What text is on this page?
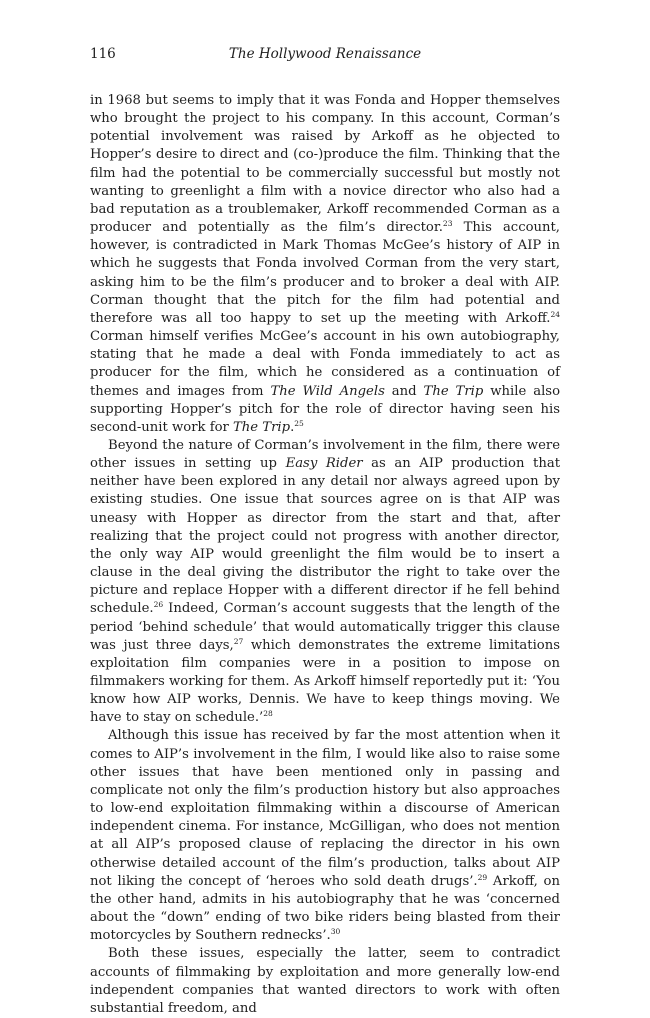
116	The Hollywood Renaissance

in 1968 but seems to imply that it was Fonda and Hopper themselves who brought the project to his company. In this account, Corman’s potential involvement was raised by Arkoff as he objected to Hopper’s desire to direct and (co-)produce the film. Thinking that the film had the potential to be commercially successful but mostly not wanting to greenlight a film with a novice director who also had a bad reputation as a troublemaker, Arkoff recommended Corman as a producer and potentially as the film’s director.$^{23}$ This account, however, is contradicted in Mark Thomas McGee’s history of AIP in which he suggests that Fonda involved Corman from the very start, asking him to be the film’s producer and to broker a deal with AIP. Corman thought that the pitch for the film had potential and therefore was all too happy to set up the meeting with Arkoff.$^{24}$ Corman himself verifies McGee’s account in his own autobiography, stating that he made a deal with Fonda immediately to act as producer for the film, which he considered as a continuation of themes and images from The Wild Angels and The Trip while also supporting Hopper’s pitch for the role of director having seen his second-unit work for The Trip.$^{25}$

Beyond the nature of Corman’s involvement in the film, there were other issues in setting up Easy Rider as an AIP production that neither have been explored in any detail nor always agreed upon by existing studies. One issue that sources agree on is that AIP was uneasy with Hopper as director from the start and that, after realizing that the project could not progress with another director, the only way AIP would greenlight the film would be to insert a clause in the deal giving the distributor the right to take over the picture and replace Hopper with a different director if he fell behind schedule.$^{26}$ Indeed, Corman’s account suggests that the length of the period ‘behind schedule’ that would automatically trigger this clause was just three days,$^{27}$ which demonstrates the extreme limitations exploitation film companies were in a position to impose on filmmakers working for them. As Arkoff himself reportedly put it: ‘You know how AIP works, Dennis. We have to keep things moving. We have to stay on schedule.’$^{28}$

Although this issue has received by far the most attention when it comes to AIP’s involvement in the film, I would like also to raise some other issues that have been mentioned only in passing and complicate not only the film’s production history but also approaches to low-end exploitation filmmaking within a discourse of American independent cinema. For instance, McGilligan, who does not mention at all AIP’s proposed clause of replacing the director in his own otherwise detailed account of the film’s production, talks about AIP not liking the concept of ‘heroes who sold death drugs’.$^{29}$ Arkoff, on the other hand, admits in his autobiography that he was ‘concerned about the “down” ending of two bike riders being blasted from their motorcycles by Southern rednecks’.$^{30}$

Both these issues, especially the latter, seem to contradict accounts of filmmaking by exploitation and more generally low-end independent companies that wanted directors to work with often substantial freedom, and
